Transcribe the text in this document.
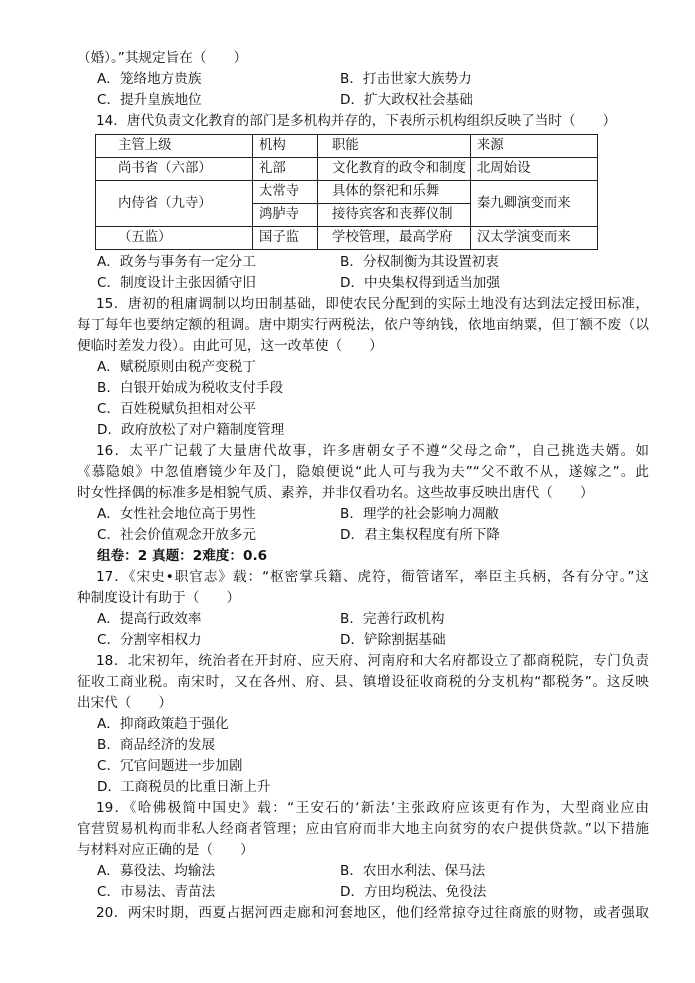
（婚）。”其规定旨在（　　）
A．笼络地方贵族	B．打击世家大族势力
C．提升皇族地位	D．扩大政权社会基础
14．唐代负责文化教育的部门是多机构并存的，下表所示机构组织反映了当时（　　）
主管上级	机构	职能	来源
尚书省（六部）	礼部	文化教育的政令和制度	北周始设
内侍省（九寺）	太常寺	具体的祭祀和乐舞	秦九卿演变而来
	鸿胪寺	接待宾客和丧葬仪制	
（五监）	国子监	学校管理，最高学府	汉太学演变而来
A．政务与事务有一定分工	B．分权制衡为其设置初衷
C．制度设计主张因循守旧	D．中央集权得到适当加强
15．唐初的租庸调制以均田制基础，即使农民分配到的实际土地没有达到法定授田标准，
每丁每年也要纳定额的租调。唐中期实行两税法，依户等纳钱，依地亩纳粟，但丁额不废（以
便临时差发力役）。由此可见，这一改革使（　　）
A．赋税原则由税产变税丁
B．白银开始成为税收支付手段
C．百姓税赋负担相对公平
D．政府放松了对户籍制度管理
16．太平广记载了大量唐代故事，许多唐朝女子不遵“父母之命”，自己挑选夫婿。如
《慕隐娘》中忽值磨镜少年及门，隐娘便说“此人可与我为夫”“父不敢不从，遂嫁之”。此
时女性择偶的标准多是相貌气质、素养，并非仅看功名。这些故事反映出唐代（　　）
A．女性社会地位高于男性	B．理学的社会影响力凋敝
C．社会价值观念开放多元	D．君主集权程度有所下降
组卷：2 真题：2难度：0.6
17．《宋史•职官志》载：“枢密掌兵籍、虎符，衙管诸军，率臣主兵柄，各有分守。”这
种制度设计有助于（　　）
A．提高行政效率	B．完善行政机构
C．分割宰相权力	D．铲除割据基础
18．北宋初年，统治者在开封府、应天府、河南府和大名府都设立了都商税院，专门负责
征收工商业税。南宋时，又在各州、府、县、镇增设征收商税的分支机构“都税务”。这反映
出宋代（　　）
A．抑商政策趋于强化
B．商品经济的发展
C．冗官问题进一步加剧
D．工商税员的比重日渐上升
19．《哈佛极简中国史》载：“王安石的‘新法’主张政府应该更有作为，大型商业应由
官营贸易机构而非私人经商者管理；应由官府而非大地主向贫穷的农户提供贷款。”以下措施
与材料对应正确的是（　　）
A．募役法、均输法	B．农田水利法、保马法
C．市易法、青苗法	D．方田均税法、免役法
20．两宋时期，西夏占据河西走廊和河套地区，他们经常掠夺过往商旅的财物，或者强取
